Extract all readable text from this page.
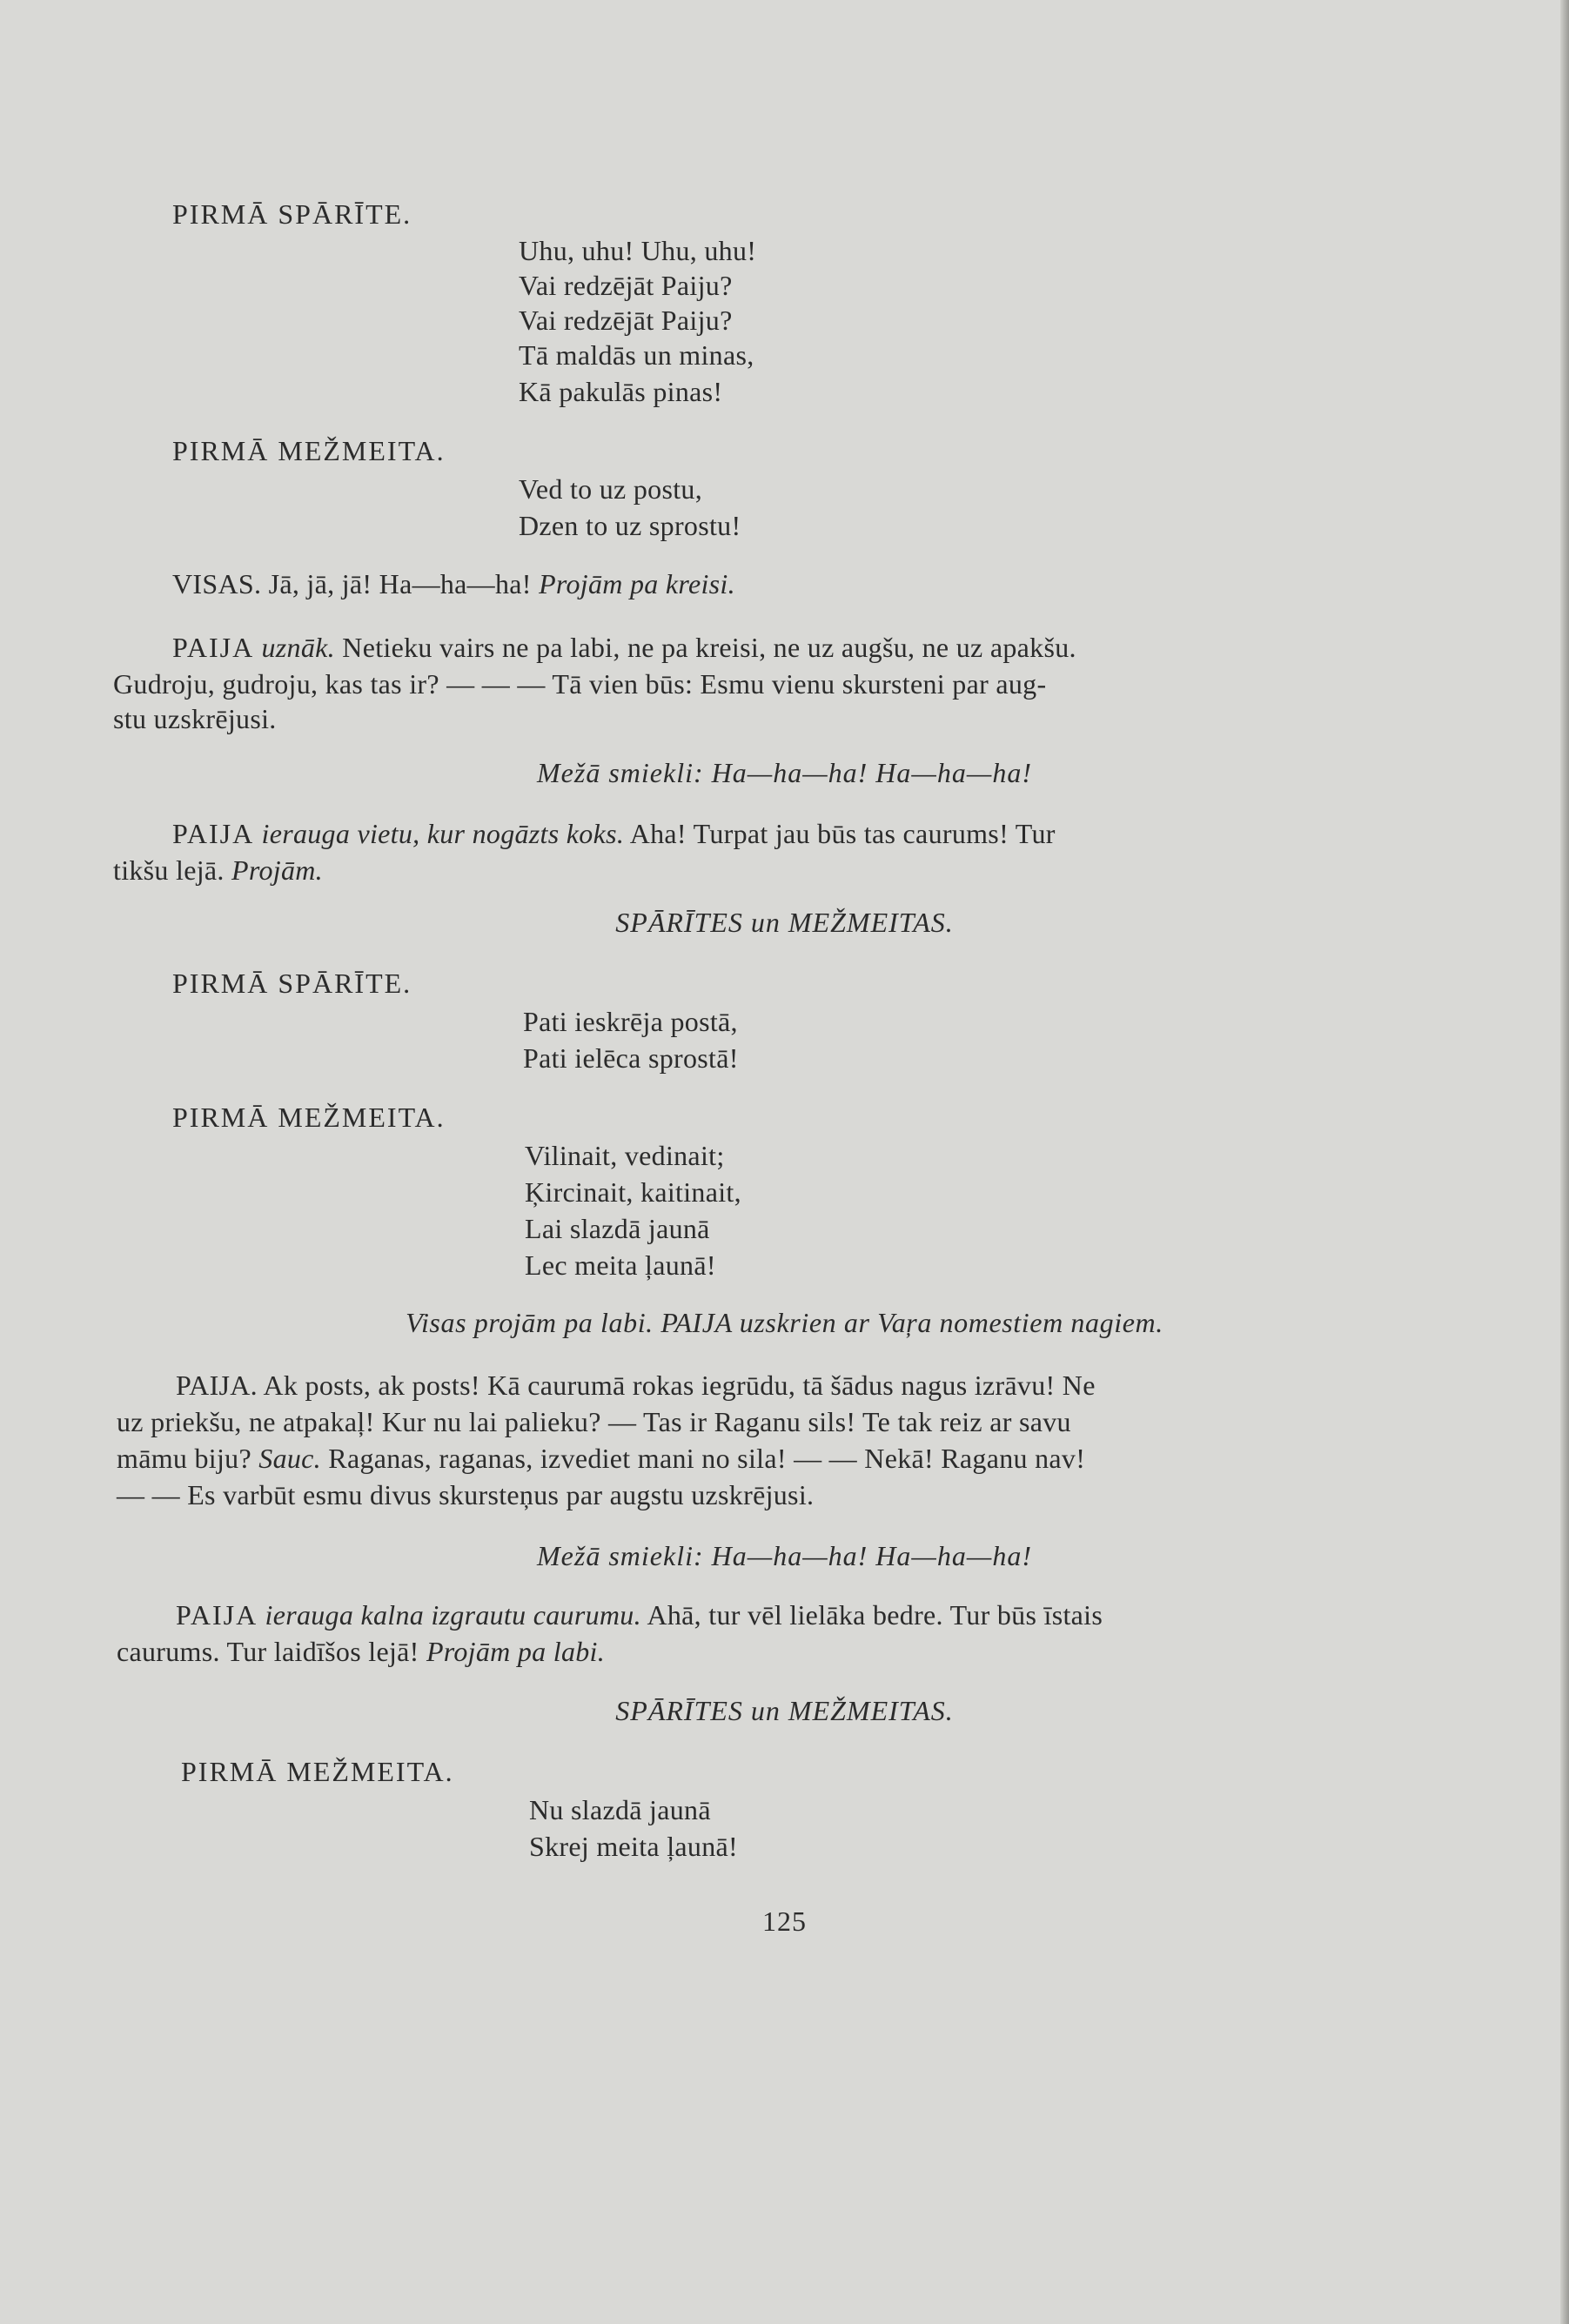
PIRMĀ SPĀRĪTE.
Uhu, uhu! Uhu, uhu!
Vai redzējāt Paiju?
Vai redzējāt Paiju?
Tā maldās un minas,
Kā pakulās pinas!
PIRMĀ MEŽMEITA.
Ved to uz postu,
Dzen to uz sprostu!
VISAS. Jā, jā, jā! Ha—ha—ha! Projām pa kreisi.
PAIJA uznāk. Netieku vairs ne pa labi, ne pa kreisi, ne uz augšu, ne uz apakšu.
Gudroju, gudroju, kas tas ir? — — — Tā vien būs: Esmu vienu skursteni par aug-
stu uzskrējusi.
Mežā smiekli: Ha—ha—ha! Ha—ha—ha!
PAIJA ierauga vietu, kur nogāzts koks. Aha! Turpat jau būs tas caurums! Tur
tikšu lejā. Projām.
SPĀRĪTES un MEŽMEITAS.
PIRMĀ SPĀRĪTE.
Pati ieskrēja postā,
Pati ielēca sprostā!
PIRMĀ MEŽMEITA.
Vilinait, vedinait;
Ķircinait, kaitinait,
Lai slazdā jaunā
Lec meita ļaunā!
Visas projām pa labi. PAIJA uzskrien ar Vaŗa nomestiem nagiem.
PAIJA. Ak posts, ak posts! Kā caurumā rokas iegrūdu, tā šādus nagus izrāvu! Ne
uz priekšu, ne atpakaļ! Kur nu lai palieku? — Tas ir Raganu sils! Te tak reiz ar savu
māmu biju? Sauc. Raganas, raganas, izvediet mani no sila! — — Nekā! Raganu nav!
— — Es varbūt esmu divus skursteņus par augstu uzskrējusi.
Mežā smiekli: Ha—ha—ha! Ha—ha—ha!
PAIJA ierauga kalna izgrautu caurumu. Ahā, tur vēl lielāka bedre. Tur būs īstais
caurums. Tur laidīšos lejā! Projām pa labi.
SPĀRĪTES un MEŽMEITAS.
PIRMĀ MEŽMEITA.
Nu slazdā jaunā
Skrej meita ļaunā!
125
